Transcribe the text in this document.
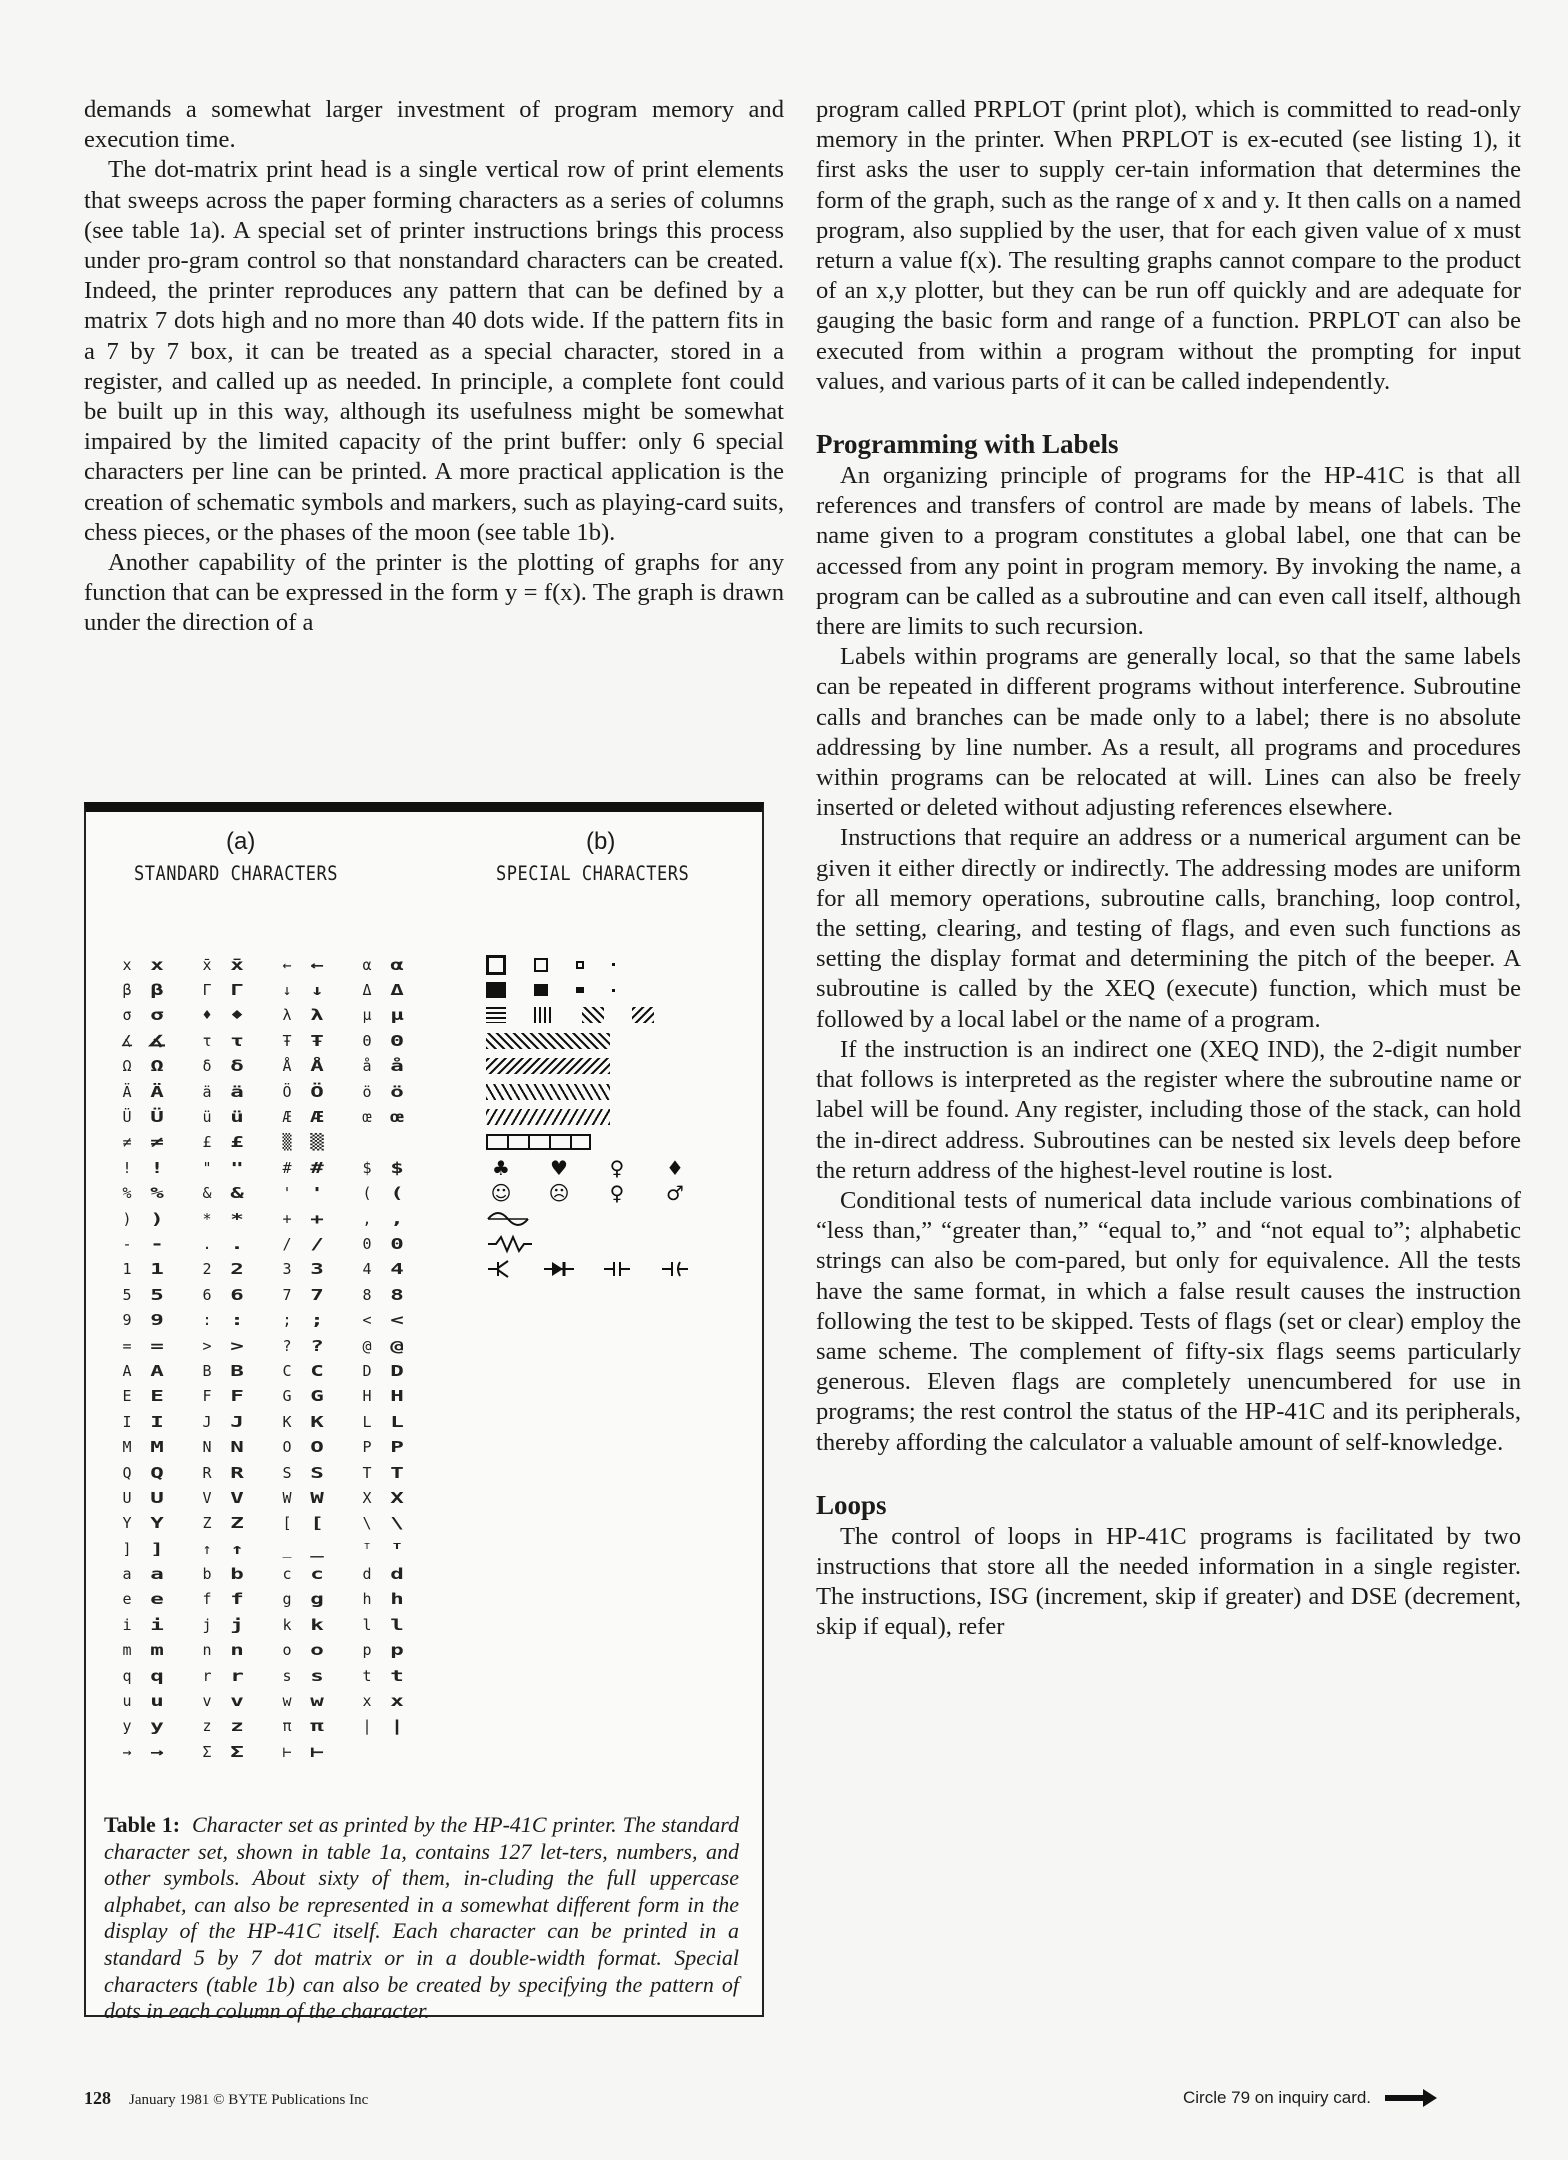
demands a somewhat larger investment of program memory and execution time.

The dot-matrix print head is a single vertical row of print elements that sweeps across the paper forming characters as a series of columns (see table 1a). A special set of printer instructions brings this process under pro-gram control so that nonstandard characters can be created. Indeed, the printer reproduces any pattern that can be defined by a matrix 7 dots high and no more than 40 dots wide. If the pattern fits in a 7 by 7 box, it can be treated as a special character, stored in a register, and called up as needed. In principle, a complete font could be built up in this way, although its usefulness might be somewhat impaired by the limited capacity of the print buffer: only 6 special characters per line can be printed. A more practical application is the creation of schematic symbols and markers, such as playing-card suits, chess pieces, or the phases of the moon (see table 1b).

Another capability of the printer is the plotting of graphs for any function that can be expressed in the form y = f(x). The graph is drawn under the direction of a

(a)	(b)
STANDARD CHARACTERS	SPECIAL CHARACTERS
x	x	x̄	x̄	←	←	α	α
β	β	Γ	Γ	↓	↓	Δ	Δ
σ	σ	♦	♦	λ	λ	μ	μ
∡ ∡ τ	τ	Ŧ	Ŧ	Θ	Θ
Ω	Ω	δ	δ	Å	Å	å	å
Ä	Ä	ä	ä	Ö	Ö	ö	ö
Ü	Ü	ü	ü	Æ	Æ	œ	œ
≠	≠	£	£	▒	▒
!	!	"	"	#	#	$	$
%	%	&	&	'	'	(	(
)	)	*	*	+	+	,	,
-	-	.	.	/	/	0	0
1	1	2	2	3	3	4	4
5	5	6	6	7	7	8	8
9	9	:	:	;	;	<	<
=	=	>	>	?	?	@	@
A	A	B	B	C	C	D	D
E	E	F	F	G	G	H	H
I	I	J	J	K	K	L	L
M	M	N	N	O	O	P	P
Q	Q	R	R	S	S	T	T
U	U	V	V	W	W	X	X
Y	Y	Z	Z	[	[	\	\
]	]	↑	↑	_	_	ᵀ	ᵀ
a	a	b	b	c	c	d	d
e	e	f	f	g	g	h	h
i	i	j	j	k	k	l	l
m	m	n	n	o	o	p	p
q	q	r	r	s	s	t	t
u	u	v	v	w	w	x	x
y	y	z	z	π	π	|	|
→	→	Σ	Σ	⊢	⊢
♣	♥	♀	♦
☺ ☹	♀	♂
Table 1: Character set as printed by the HP-41C printer. The standard character set, shown in table 1a, contains 127 let-ters, numbers, and other symbols. About sixty of them, in-cluding the full uppercase alphabet, can also be represented in a somewhat different form in the display of the HP-41C itself. Each character can be printed in a standard 5 by 7 dot matrix or in a double-width format. Special characters (table 1b) can also be created by specifying the pattern of dots in each column of the character.

program called PRPLOT (print plot), which is committed to read-only memory in the printer. When PRPLOT is ex-ecuted (see listing 1), it first asks the user to supply cer-tain information that determines the form of the graph, such as the range of x and y. It then calls on a named program, also supplied by the user, that for each given value of x must return a value f(x). The resulting graphs cannot compare to the product of an x,y plotter, but they can be run off quickly and are adequate for gauging the basic form and range of a function. PRPLOT can also be executed from within a program without the prompting for input values, and various parts of it can be called independently.

Programming with Labels

An organizing principle of programs for the HP-41C is that all references and transfers of control are made by means of labels. The name given to a program constitutes a global label, one that can be accessed from any point in program memory. By invoking the name, a program can be called as a subroutine and can even call itself, although there are limits to such recursion.

Labels within programs are generally local, so that the same labels can be repeated in different programs without interference. Subroutine calls and branches can be made only to a label; there is no absolute addressing by line number. As a result, all programs and procedures within programs can be relocated at will. Lines can also be freely inserted or deleted without adjusting references elsewhere.

Instructions that require an address or a numerical argument can be given it either directly or indirectly. The addressing modes are uniform for all memory operations, subroutine calls, branching, loop control, the setting, clearing, and testing of flags, and even such functions as setting the display format and determining the pitch of the beeper. A subroutine is called by the XEQ (execute) function, which must be followed by a local label or the name of a program.

If the instruction is an indirect one (XEQ IND), the 2-digit number that follows is interpreted as the register where the subroutine name or label will be found. Any register, including those of the stack, can hold the in-direct address. Subroutines can be nested six levels deep before the return address of the highest-level routine is lost.

Conditional tests of numerical data include various combinations of “less than,” “greater than,” “equal to,” and “not equal to”; alphabetic strings can also be com-pared, but only for equivalence. All the tests have the same format, in which a false result causes the instruction following the test to be skipped. Tests of flags (set or clear) employ the same scheme. The complement of fifty-six flags seems particularly generous. Eleven flags are completely unencumbered for use in programs; the rest control the status of the HP-41C and its peripherals, thereby affording the calculator a valuable amount of self-knowledge.

Loops

The control of loops in HP-41C programs is facilitated by two instructions that store all the needed information in a single register. The instructions, ISG (increment, skip if greater) and DSE (decrement, skip if equal), refer

128 January 1981 © BYTE Publications Inc	Circle 79 on inquiry card.
